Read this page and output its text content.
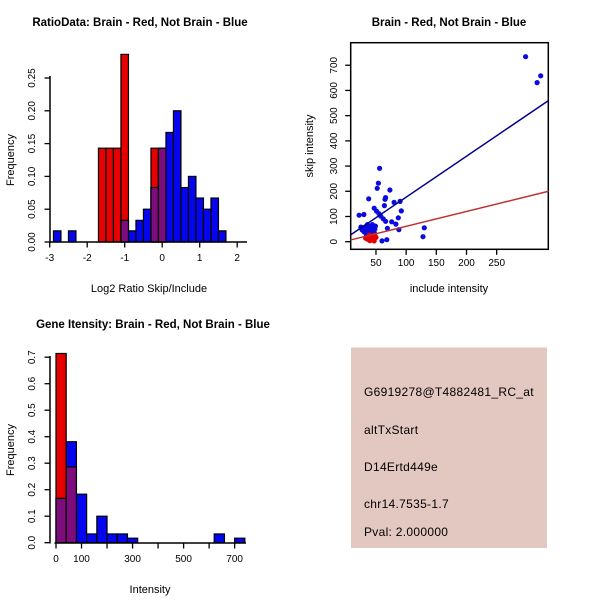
RatioData: Brain - Red, Not Brain - Blue
Log2 Ratio Skip/Include
Frequency
0.00
0.05
0.10
0.15
0.20
0.25
-3	-2	-1	0	1	2
Brain - Red, Not Brain - Blue
include intensity
skip intensity
50 100 150 200 250
0
100
200
300
400
500
600
700
Gene Itensity: Brain - Red, Not Brain - Blue
Intensity
Frequency
0.0
0.1
0.2
0.3
0.4
0.5
0.6
0.7
0 100	300	500	700
G6919278@T4882481_RC_at
altTxStart
D14Ertd449e
chr14.7535-1.7
Pval: 2.000000
